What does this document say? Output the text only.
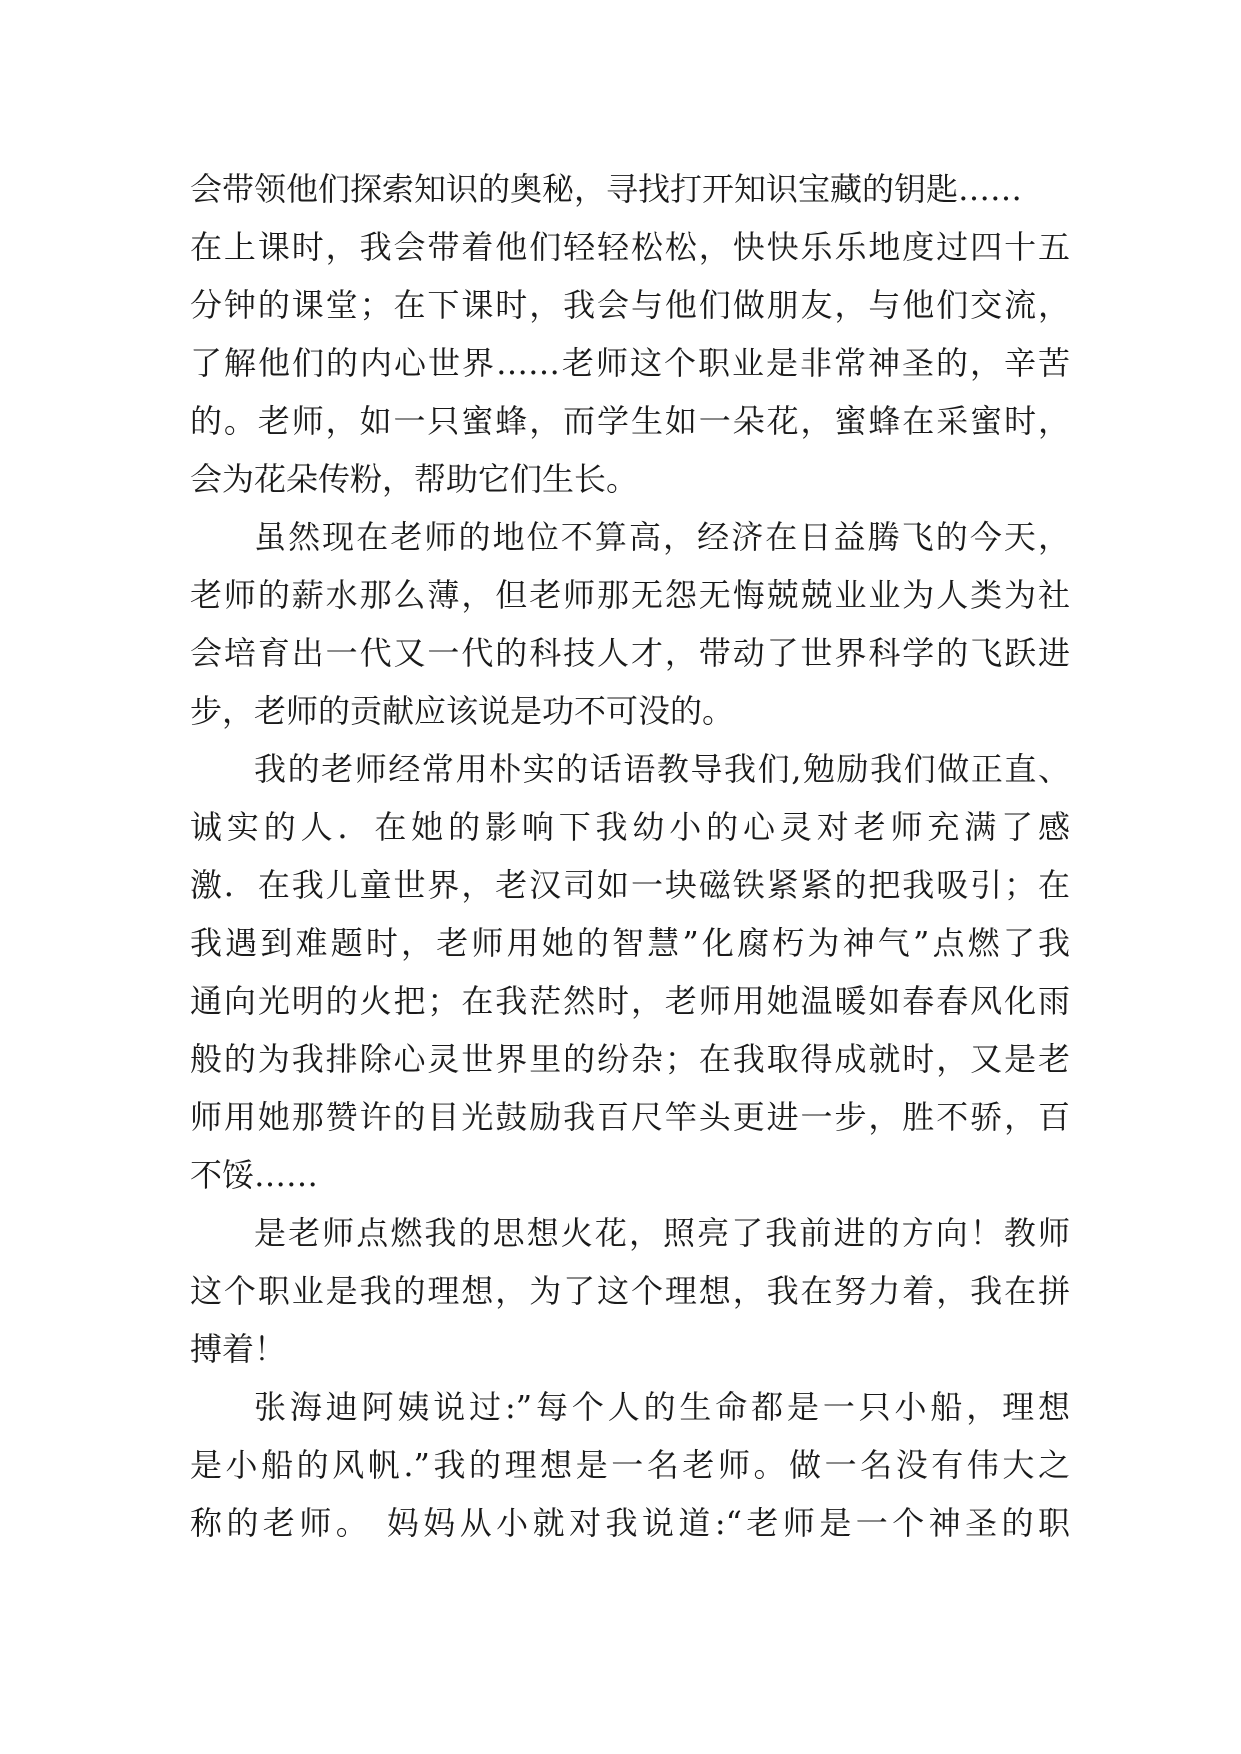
会带领他们探索知识的奥秘，寻找打开知识宝藏的钥匙……
在上课时，我会带着他们轻轻松松，快快乐乐地度过四十五
分钟的课堂；在下课时，我会与他们做朋友，与他们交流，
了解他们的内心世界……老师这个职业是非常神圣的，辛苦
的。老师，如一只蜜蜂，而学生如一朵花，蜜蜂在采蜜时，
会为花朵传粉，帮助它们生长。
虽然现在老师的地位不算高，经济在日益腾飞的今天，
老师的薪水那么薄，但老师那无怨无悔兢兢业业为人类为社
会培育出一代又一代的科技人才，带动了世界科学的飞跃进
步，老师的贡献应该说是功不可没的。
我的老师经常用朴实的话语教导我们,勉励我们做正直、
诚实的人．在她的影响下我幼小的心灵对老师充满了感
激．在我儿童世界，老汉司如一块磁铁紧紧的把我吸引；在
我遇到难题时，老师用她的智慧”化腐朽为神气”点燃了我
通向光明的火把；在我茫然时，老师用她温暖如春春风化雨
般的为我排除心灵世界里的纷杂；在我取得成就时，又是老
师用她那赞许的目光鼓励我百尺竿头更进一步，胜不骄，百
不馁……
是老师点燃我的思想火花，照亮了我前进的方向！教师
这个职业是我的理想，为了这个理想，我在努力着，我在拼
搏着！
张海迪阿姨说过:”每个人的生命都是一只小船，理想
是小船的风帆.”我的理想是一名老师。做一名没有伟大之
称的老师。 妈妈从小就对我说道:“老师是一个神圣的职
